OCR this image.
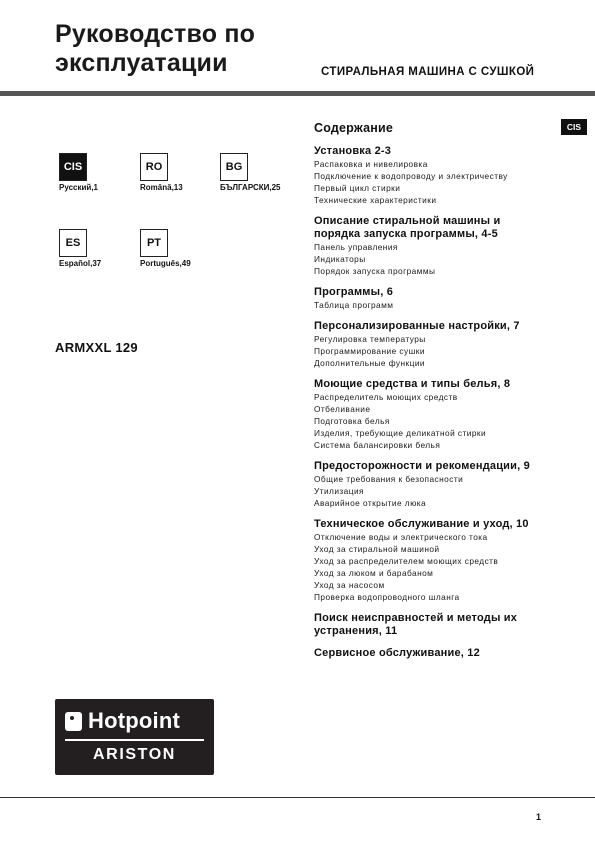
Руководство по
эксплуатации	СТИРАЛЬНАЯ МАШИНА С СУШКОЙ
CIS
CIS
Русский,1
RO
Română,13
BG
БЪЛГАРСКИ,25
ES
Español,37
PT
Português,49
ARMXXL 129
Hotpoint
ARISTON
Содержание
Установка 2-3
Распаковка и нивелировка
Подключение к водопроводу и электричеству
Первый цикл стирки
Технические характеристики
Описание стиральной машины и
порядка запуска программы, 4-5
Панель управления
Индикаторы
Порядок запуска программы
Программы, 6
Таблица программ
Персонализированные настройки, 7
Регулировка температуры
Программирование сушки
Дополнительные функции
Моющие средства и типы белья, 8
Распределитель моющих средств
Отбеливание
Подготовка белья
Изделия, требующие деликатной стирки
Система балансировки белья
Предосторожности и рекомендации, 9
Общие требования к безопасности
Утилизация
Аварийное открытие люка
Техническое обслуживание и уход, 10
Отключение воды и электрического тока
Уход за стиральной машиной
Уход за распределителем моющих средств
Уход за люком и барабаном
Уход за насосом
Проверка водопроводного шланга
Поиск неисправностей и методы их
устранения, 11
Сервисное обслуживание, 12
1
